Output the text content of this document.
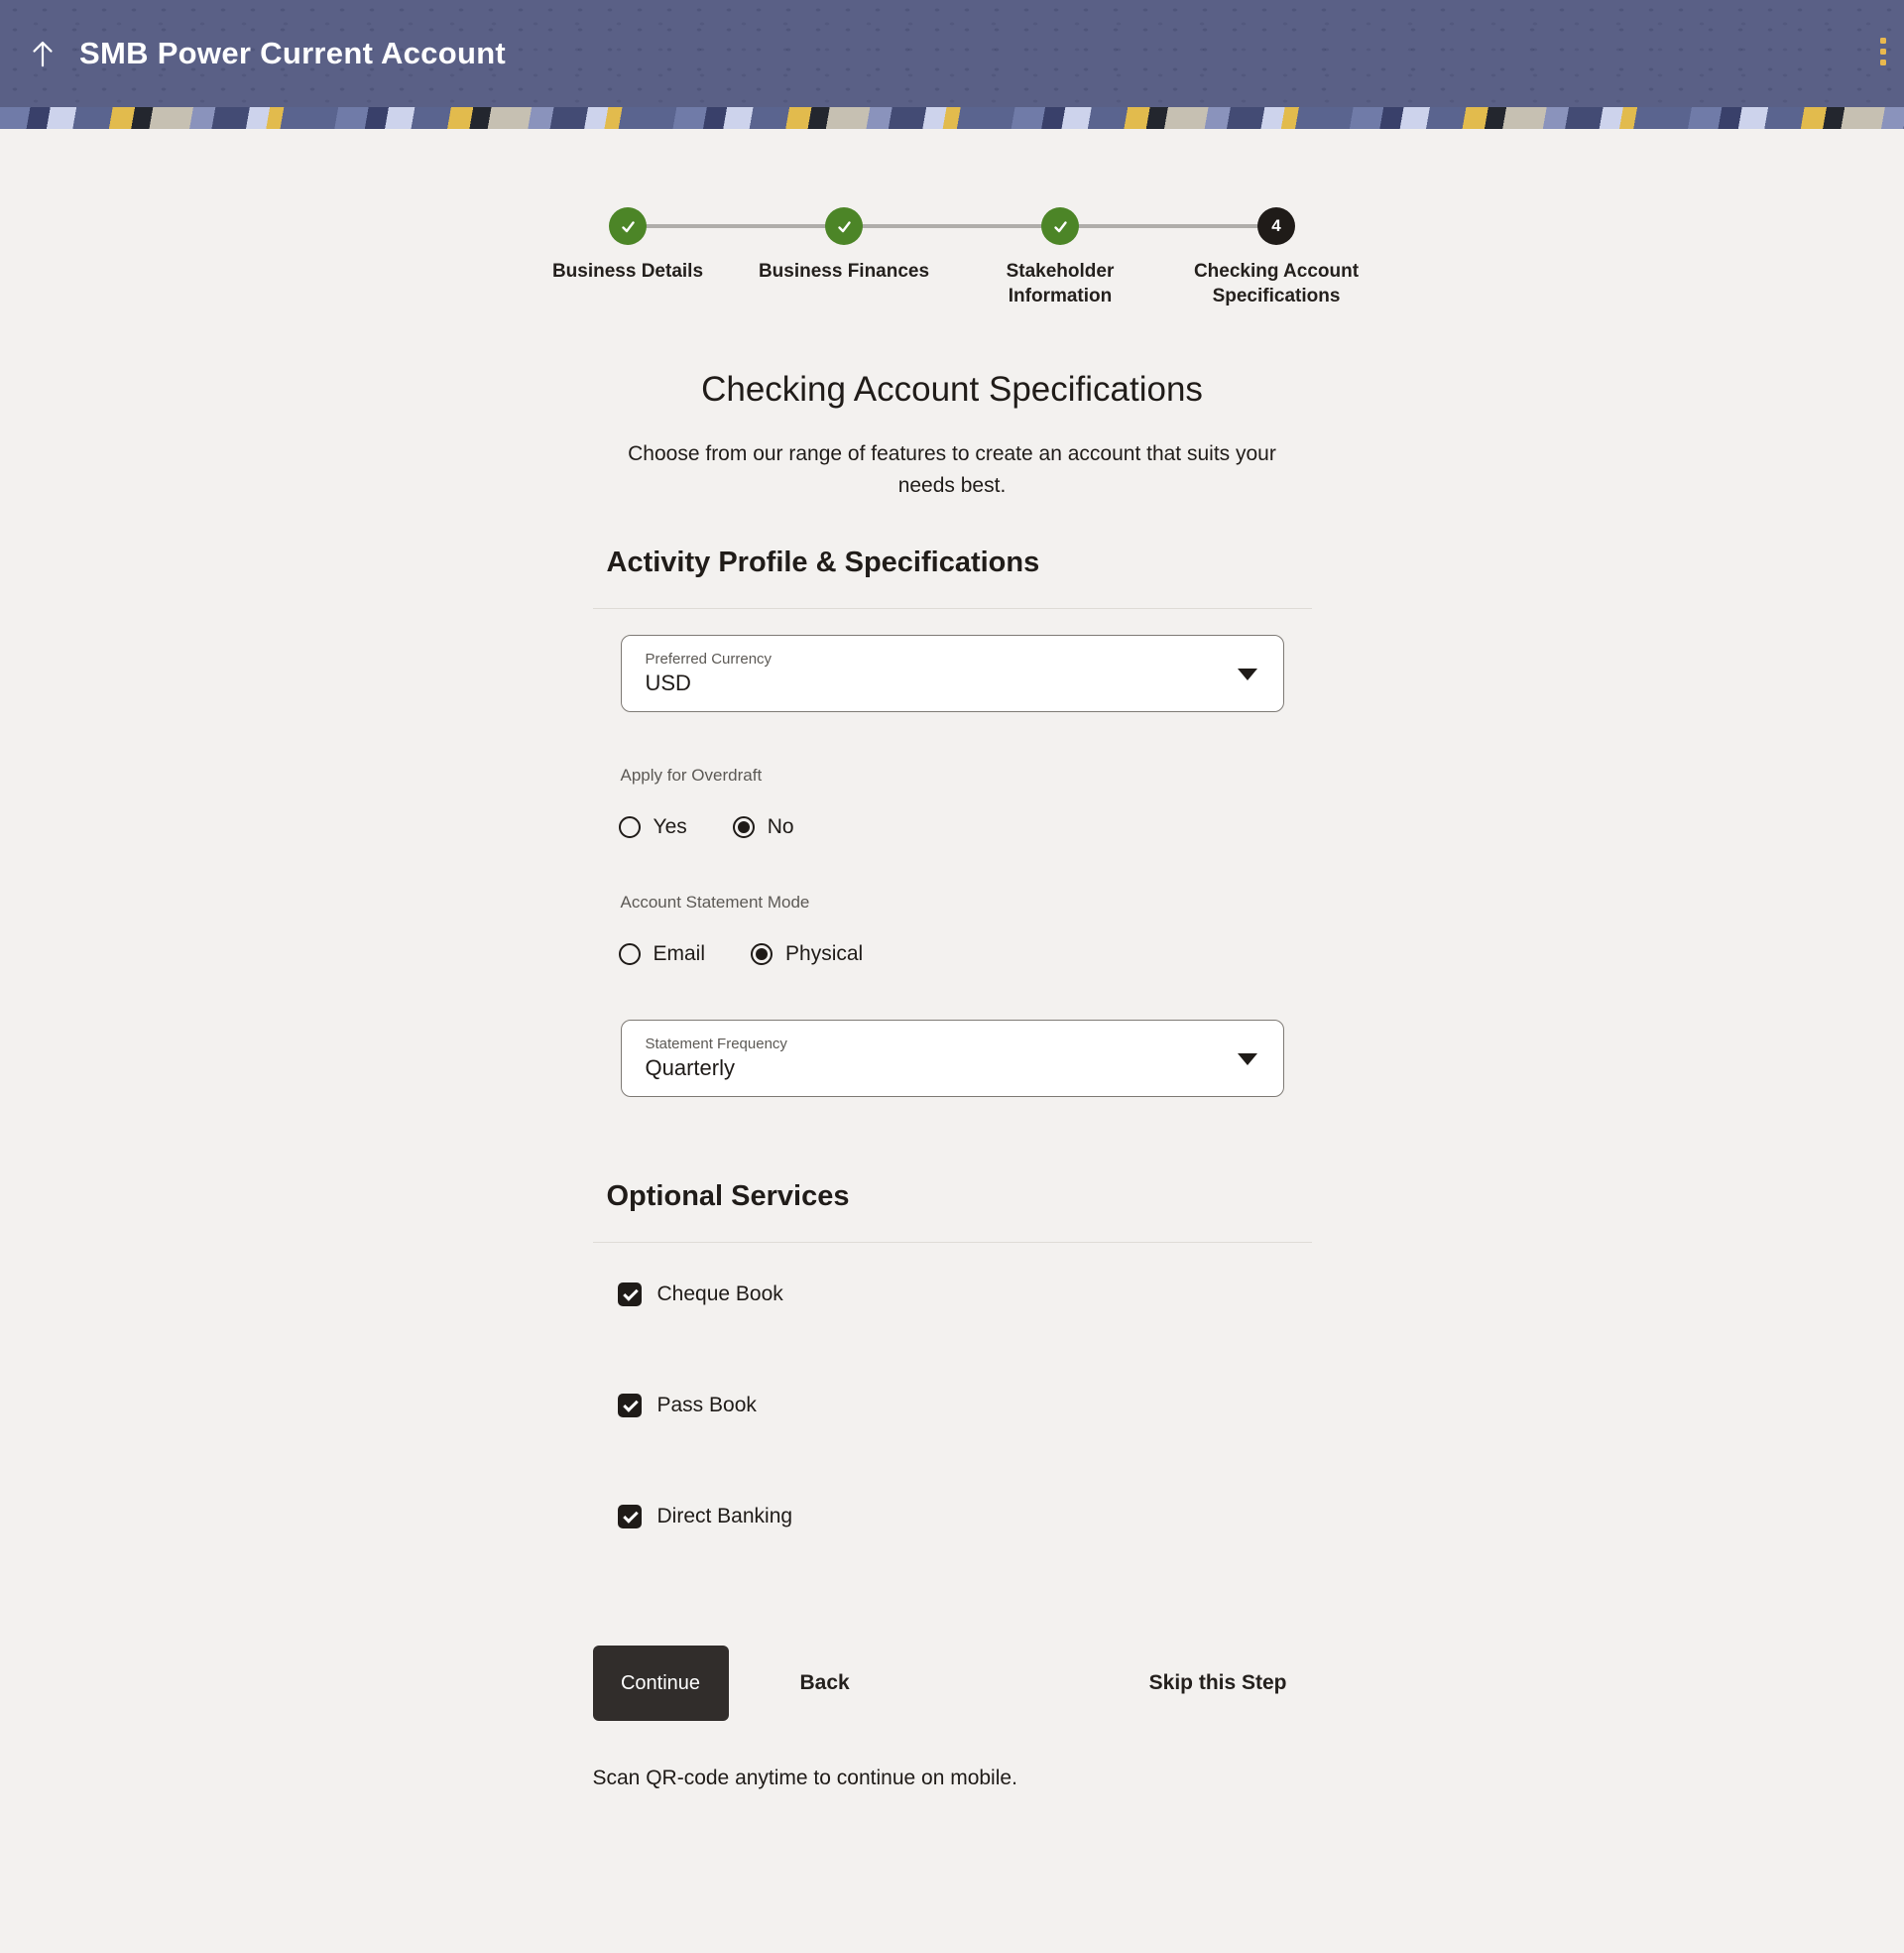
SMB Power Current Account
Business Details	Business Finances	Stakeholder Information
4
Checking Account Specifications
Checking Account Specifications

Choose from our range of features to create an account that suits your needs best.

Activity Profile & Specifications
Preferred Currency
USD
Apply for Overdraft
Yes	No
Account Statement Mode
Email	Physical
Statement Frequency
Quarterly
Optional Services
Cheque Book
Pass Book
Direct Banking
Continue	Back	Skip this Step

Scan QR-code anytime to continue on mobile.
